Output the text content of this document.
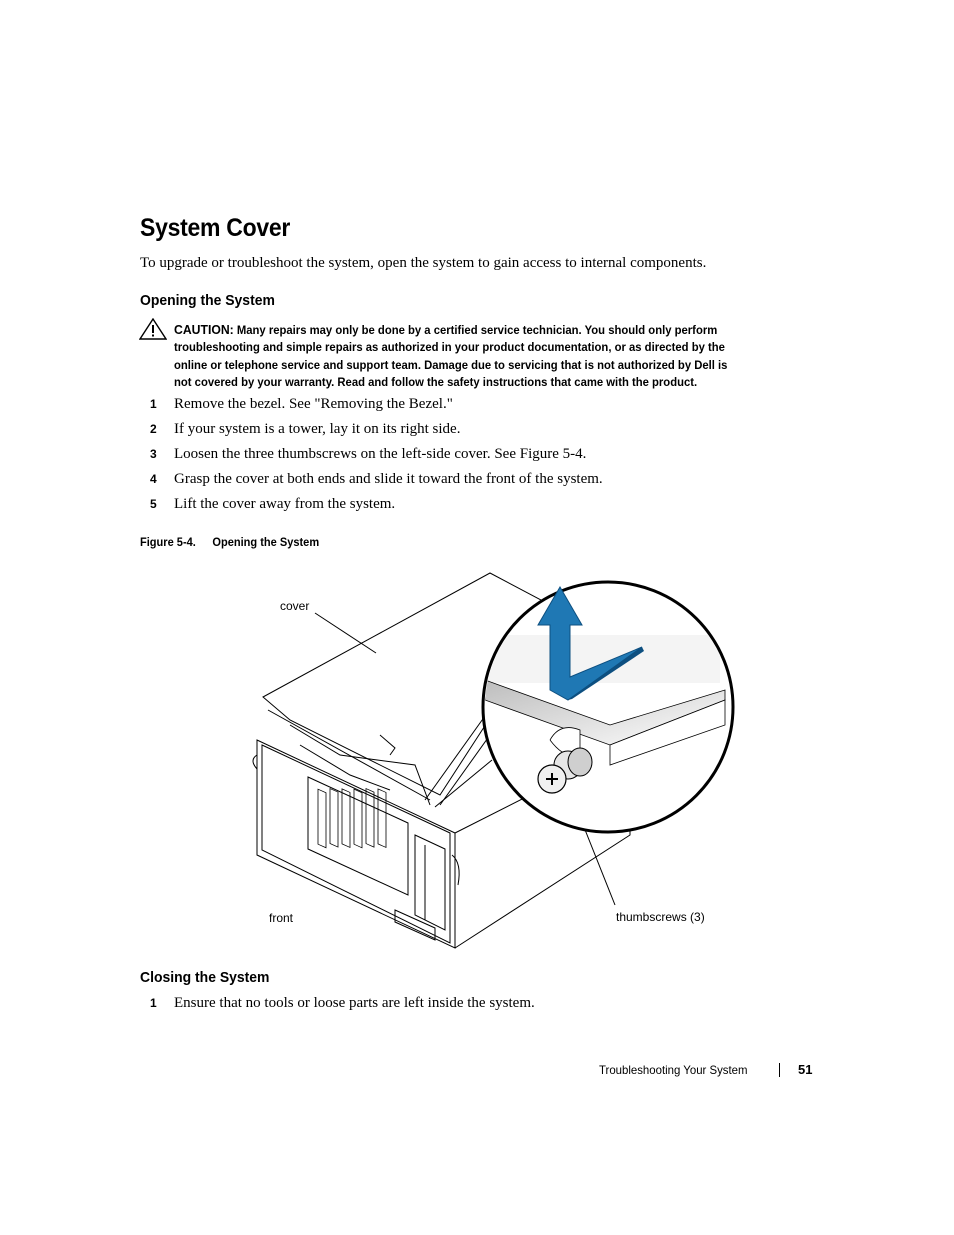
System Cover
To upgrade or troubleshoot the system, open the system to gain access to internal components.
Opening the System
CAUTION: Many repairs may only be done by a certified service technician. You should only perform troubleshooting and simple repairs as authorized in your product documentation, or as directed by the online or telephone service and support team. Damage due to servicing that is not authorized by Dell is not covered by your warranty. Read and follow the safety instructions that came with the product.
1 Remove the bezel. See "Removing the Bezel."
2 If your system is a tower, lay it on its right side.
3 Loosen the three thumbscrews on the left-side cover. See Figure 5-4.
4 Grasp the cover at both ends and slide it toward the front of the system.
5 Lift the cover away from the system.
Figure 5-4. Opening the System
cover
front	thumbscrews (3)
Closing the System
1 Ensure that no tools or loose parts are left inside the system.
Troubleshooting Your System	51
